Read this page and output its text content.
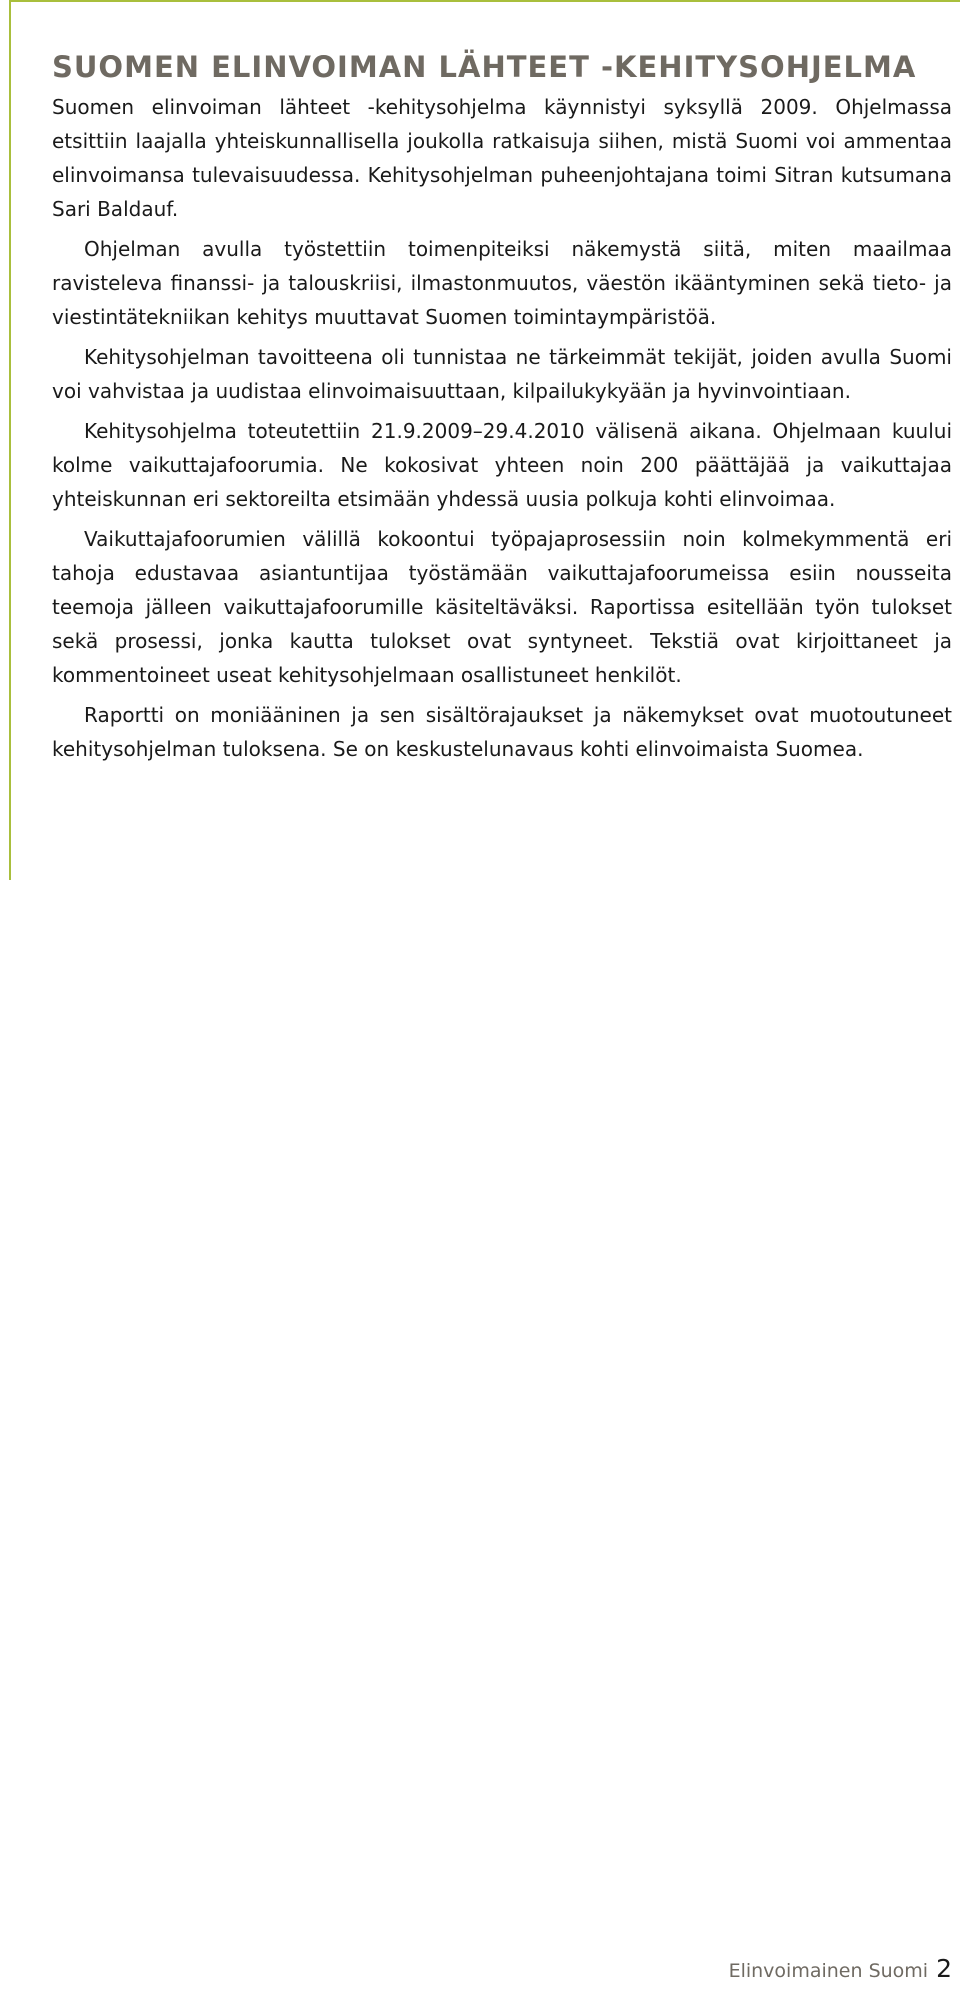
SUOMEN ELINVOIMAN LÄHTEET -KEHITYSOHJELMA

Suomen elinvoiman lähteet -kehitysohjelma käynnistyi syksyllä 2009. Ohjelmassa etsittiin laajalla yhteiskunnallisella joukolla ratkaisuja siihen, mistä Suomi voi ammentaa elinvoimansa tulevaisuudessa. Kehitysohjelman puheenjohtajana toimi Sitran kutsumana Sari Baldauf.

Ohjelman avulla työstettiin toimenpiteiksi näkemystä siitä, miten maailmaa ravisteleva finanssi- ja talouskriisi, ilmastonmuutos, väestön ikääntyminen sekä tieto- ja viestintätekniikan kehitys muuttavat Suomen toimintaympäristöä.

Kehitysohjelman tavoitteena oli tunnistaa ne tärkeimmät tekijät, joiden avulla Suomi voi vahvistaa ja uudistaa elinvoimaisuuttaan, kilpailukykyään ja hyvinvointiaan.

Kehitysohjelma toteutettiin 21.9.2009–29.4.2010 välisenä aikana. Ohjelmaan kuului kolme vaikuttajafoorumia. Ne kokosivat yhteen noin 200 päättäjää ja vaikuttajaa yhteiskunnan eri sektoreilta etsimään yhdessä uusia polkuja kohti elinvoimaa.

Vaikuttajafoorumien välillä kokoontui työpajaprosessiin noin kolmekymmentä eri tahoja edustavaa asiantuntijaa työstämään vaikuttajafoorumeissa esiin nousseita teemoja jälleen vaikuttajafoorumille käsiteltäväksi. Raportissa esitellään työn tulokset sekä prosessi, jonka kautta tulokset ovat syntyneet. Tekstiä ovat kirjoittaneet ja kommentoineet useat kehitysohjelmaan osallistuneet henkilöt.

Raportti on moniääninen ja sen sisältörajaukset ja näkemykset ovat muotoutuneet kehitysohjelman tuloksena. Se on keskustelunavaus kohti elinvoimaista Suomea.

Elinvoimainen Suomi 2
